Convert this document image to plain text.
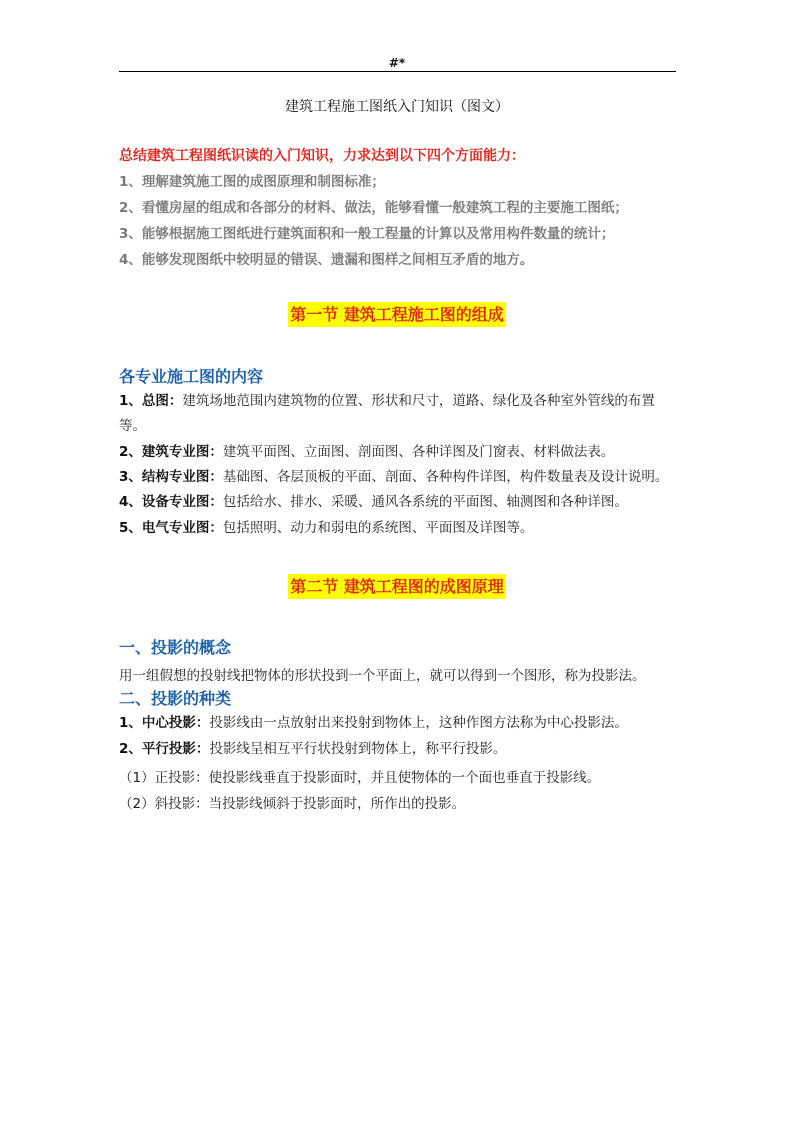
#*
建筑工程施工图纸入门知识（图文）
总结建筑工程图纸识读的入门知识，力求达到以下四个方面能力：
1、理解建筑施工图的成图原理和制图标准；
2、看懂房屋的组成和各部分的材料、做法，能够看懂一般建筑工程的主要施工图纸；
3、能够根据施工图纸进行建筑面积和一般工程量的计算以及常用构件数量的统计；
4、能够发现图纸中较明显的错误、遗漏和图样之间相互矛盾的地方。
第一节 建筑工程施工图的组成
各专业施工图的内容
1、总图：建筑场地范围内建筑物的位置、形状和尺寸，道路、绿化及各种室外管线的布置等。
2、建筑专业图：建筑平面图、立面图、剖面图、各种详图及门窗表、材料做法表。
3、结构专业图：基础图、各层顶板的平面、剖面、各种构件详图，构件数量表及设计说明。
4、设备专业图：包括给水、排水、采暖、通风各系统的平面图、轴测图和各种详图。
5、电气专业图：包括照明、动力和弱电的系统图、平面图及详图等。
第二节 建筑工程图的成图原理
一、投影的概念
用一组假想的投射线把物体的形状投到一个平面上，就可以得到一个图形，称为投影法。
二、投影的种类
1、中心投影：投影线由一点放射出来投射到物体上，这种作图方法称为中心投影法。
2、平行投影：投影线呈相互平行状投射到物体上，称平行投影。
（1）正投影：使投影线垂直于投影面时，并且使物体的一个面也垂直于投影线。
（2）斜投影：当投影线倾斜于投影面时，所作出的投影。
